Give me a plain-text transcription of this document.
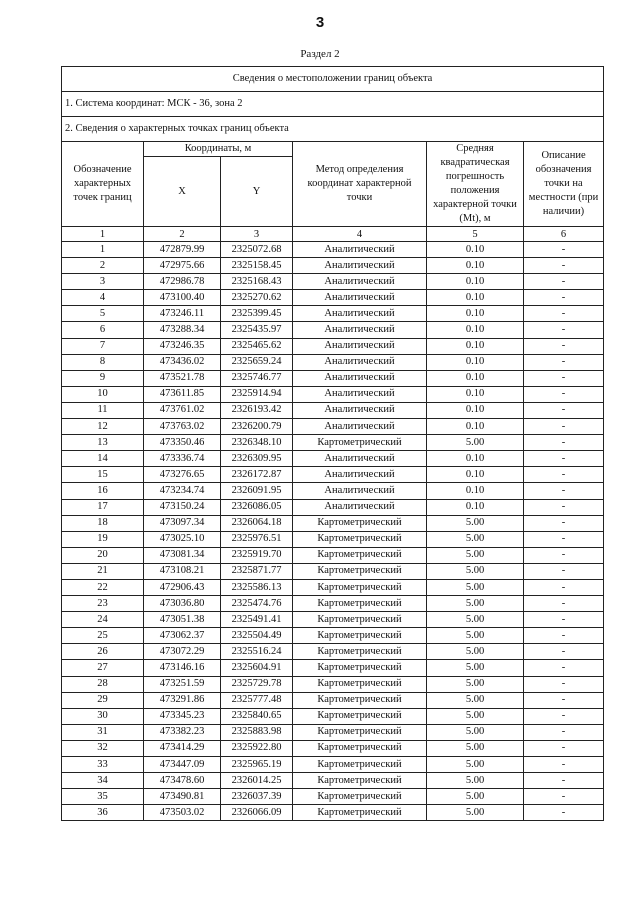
3
Раздел 2
Сведения о местоположении границ объекта					
1. Система координат: МСК - 36, зона 2					
2. Сведения о характерных точках границ объекта					
Обозначение характерных точек границ	Координаты, м		Метод определения координат характерной точки	Средняя квадратическая погрешность положения характерной точки (Mt), м	Описание обозначения точки на местности (при наличии)
	X	Y			
1	2	3	4	5	6
1	472879.99	2325072.68	Аналитический	0.10	-
2	472975.66	2325158.45	Аналитический	0.10	-
3	472986.78	2325168.43	Аналитический	0.10	-
4	473100.40	2325270.62	Аналитический	0.10	-
5	473246.11	2325399.45	Аналитический	0.10	-
6	473288.34	2325435.97	Аналитический	0.10	-
7	473246.35	2325465.62	Аналитический	0.10	-
8	473436.02	2325659.24	Аналитический	0.10	-
9	473521.78	2325746.77	Аналитический	0.10	-
10	473611.85	2325914.94	Аналитический	0.10	-
11	473761.02	2326193.42	Аналитический	0.10	-
12	473763.02	2326200.79	Аналитический	0.10	-
13	473350.46	2326348.10	Картометрический	5.00	-
14	473336.74	2326309.95	Аналитический	0.10	-
15	473276.65	2326172.87	Аналитический	0.10	-
16	473234.74	2326091.95	Аналитический	0.10	-
17	473150.24	2326086.05	Аналитический	0.10	-
18	473097.34	2326064.18	Картометрический	5.00	-
19	473025.10	2325976.51	Картометрический	5.00	-
20	473081.34	2325919.70	Картометрический	5.00	-
21	473108.21	2325871.77	Картометрический	5.00	-
22	472906.43	2325586.13	Картометрический	5.00	-
23	473036.80	2325474.76	Картометрический	5.00	-
24	473051.38	2325491.41	Картометрический	5.00	-
25	473062.37	2325504.49	Картометрический	5.00	-
26	473072.29	2325516.24	Картометрический	5.00	-
27	473146.16	2325604.91	Картометрический	5.00	-
28	473251.59	2325729.78	Картометрический	5.00	-
29	473291.86	2325777.48	Картометрический	5.00	-
30	473345.23	2325840.65	Картометрический	5.00	-
31	473382.23	2325883.98	Картометрический	5.00	-
32	473414.29	2325922.80	Картометрический	5.00	-
33	473447.09	2325965.19	Картометрический	5.00	-
34	473478.60	2326014.25	Картометрический	5.00	-
35	473490.81	2326037.39	Картометрический	5.00	-
36	473503.02	2326066.09	Картометрический	5.00	-
